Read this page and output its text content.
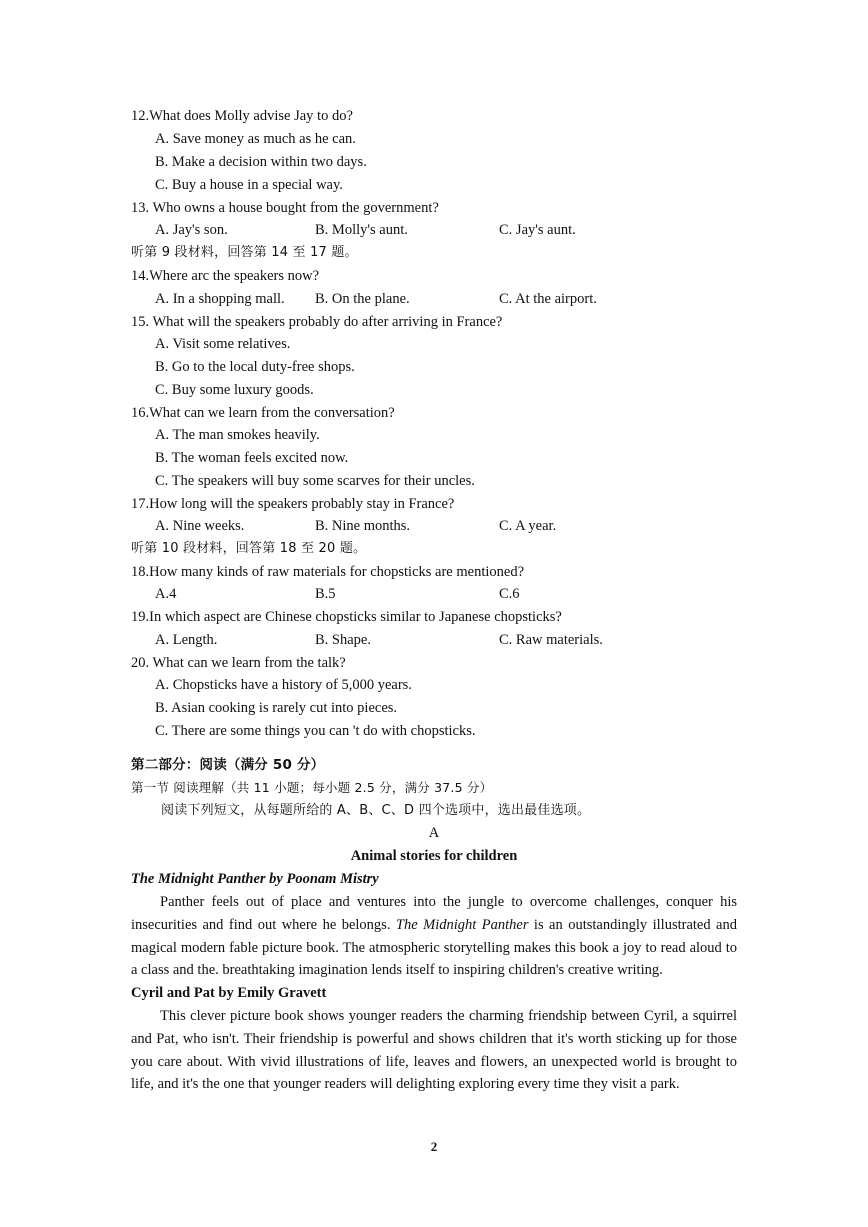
12.What does Molly advise Jay to do?
A. Save money as much as he can.
B. Make a decision within two days.
C. Buy a house in a special way.
13. Who owns a house bought from the government?
A. Jay's son.	B. Molly's aunt.	C. Jay's aunt.
听第 9 段材料，回答第 14 至 17 题。
14.Where arc the speakers now?
A. In a shopping mall. B. On the plane.	C. At the airport.
15. What will the speakers probably do after arriving in France?
A. Visit some relatives.
B. Go to the local duty-free shops.
C. Buy some luxury goods.
16.What can we learn from the conversation?
A. The man smokes heavily.
B. The woman feels excited now.
C. The speakers will buy some scarves for their uncles.
17.How long will the speakers probably stay in France?
A. Nine weeks.	B. Nine months.	C. A year.
听第 10 段材料，回答第 18 至 20 题。
18.How many kinds of raw materials for chopsticks are mentioned?
A.4	B.5	C.6
19.In which aspect are Chinese chopsticks similar to Japanese chopsticks?
A. Length.	B. Shape.	C. Raw materials.
20. What can we learn from the talk?
A. Chopsticks have a history of 5,000 years.
B. Asian cooking is rarely cut into pieces.
C. There are some things you can 't do with chopsticks.
第二部分：阅读（满分 50 分）
第一节 阅读理解（共 11 小题；每小题 2.5 分，满分 37.5 分）
阅读下列短文，从每题所给的 A、B、C、D 四个选项中，选出最佳选项。
A
Animal stories for children
The Midnight Panther by Poonam Mistry
Panther feels out of place and ventures into the jungle to overcome challenges, conquer his insecurities and find out where he belongs. The Midnight Panther is an outstandingly illustrated and magical modern fable picture book. The atmospheric storytelling makes this book a joy to read aloud to a class and the. breathtaking imagination lends itself to inspiring children's creative writing.
Cyril and Pat by Emily Gravett
This clever picture book shows younger readers the charming friendship between Cyril, a squirrel and Pat, who isn't. Their friendship is powerful and shows children that it's worth sticking up for those you care about. With vivid illustrations of life, leaves and flowers, an unexpected world is brought to life, and it's the one that younger readers will delighting exploring every time they visit a park.
2
